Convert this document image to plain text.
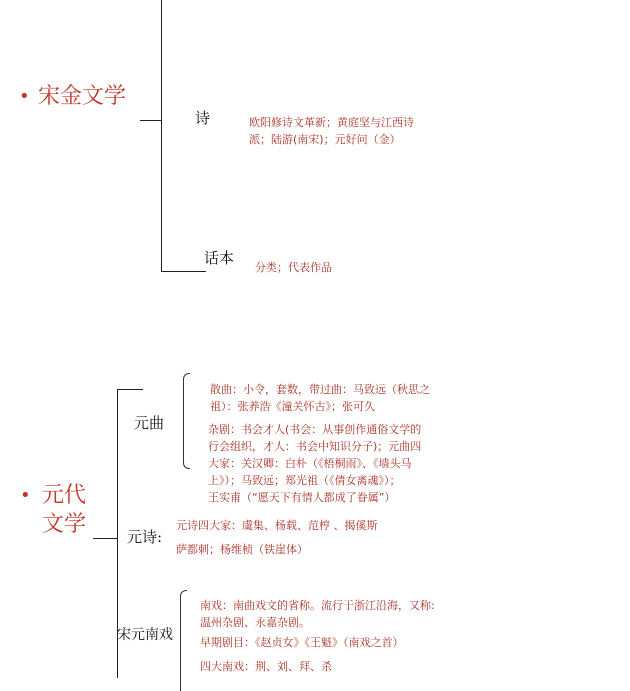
• 宋金文学
诗	欧阳修诗文革新；黄庭坚与江西诗
派；陆游(南宋)；元好问（金）
话本
分类；代表作品
• 元代
文学
元曲
散曲：小令，套数，带过曲：马致远（秋思之
祖）：张养浩《潼关怀古》；张可久
杂剧：书会才人(书会：从事创作通俗文学的
行会组织，才人：书会中知识分子)；元曲四
大家：关汉卿：白朴（《梧桐雨》、《墙头马
上》）；马致远；郑光祖（《倩女离魂》）；
王实甫（“愿天下有情人都成了眷属”）
元诗:
元诗四大家：虞集、杨载、范梈 、揭傒斯
萨都刺；杨维桢（铁崖体）
宋元南戏
南戏：南曲戏文的省称。流行于浙江沿海，又称:
温州杂剧、永嘉杂剧。
早期剧目：《赵贞女》《王魁》（南戏之首）
四大南戏：荆、刘、拜、杀
